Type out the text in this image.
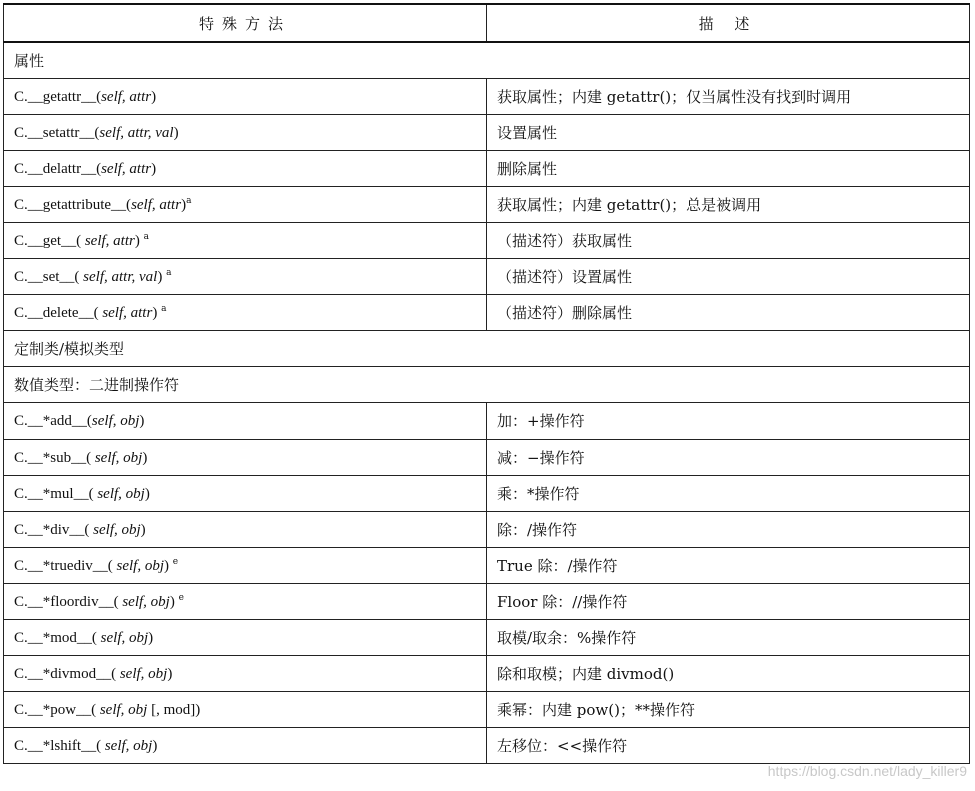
特殊方法	描 述
属性	
C.__getattr__(self, attr)	获取属性；内建 getattr()；仅当属性没有找到时调用
C.__setattr__(self, attr, val)	设置属性
C.__delattr__(self, attr)	删除属性
C.__getattribute__(self, attr)$^a$	获取属性；内建 getattr()；总是被调用
C.__get__( self, attr) $^a$	（描述符）获取属性
C.__set__( self, attr, val) $^a$	（描述符）设置属性
C.__delete__( self, attr) $^a$	（描述符）删除属性
定制类/模拟类型	
数值类型：二进制操作符	
C.__*add__(self, obj)	加：+操作符
C.__*sub__( self, obj)	减：−操作符
C.__*mul__( self, obj)	乘：*操作符
C.__*div__( self, obj)	除：/操作符
C.__*truediv__( self, obj) $^e$	True 除：/操作符
C.__*floordiv__( self, obj) $^e$	Floor 除：//操作符
C.__*mod__( self, obj)	取模/取余：%操作符
C.__*divmod__( self, obj)	除和取模；内建 divmod()
C.__*pow__( self, obj [, mod])	乘幂：内建 pow()；**操作符
C.__*lshift__( self, obj)	左移位：<<操作符
https://blog.csdn.net/lady_killer9
